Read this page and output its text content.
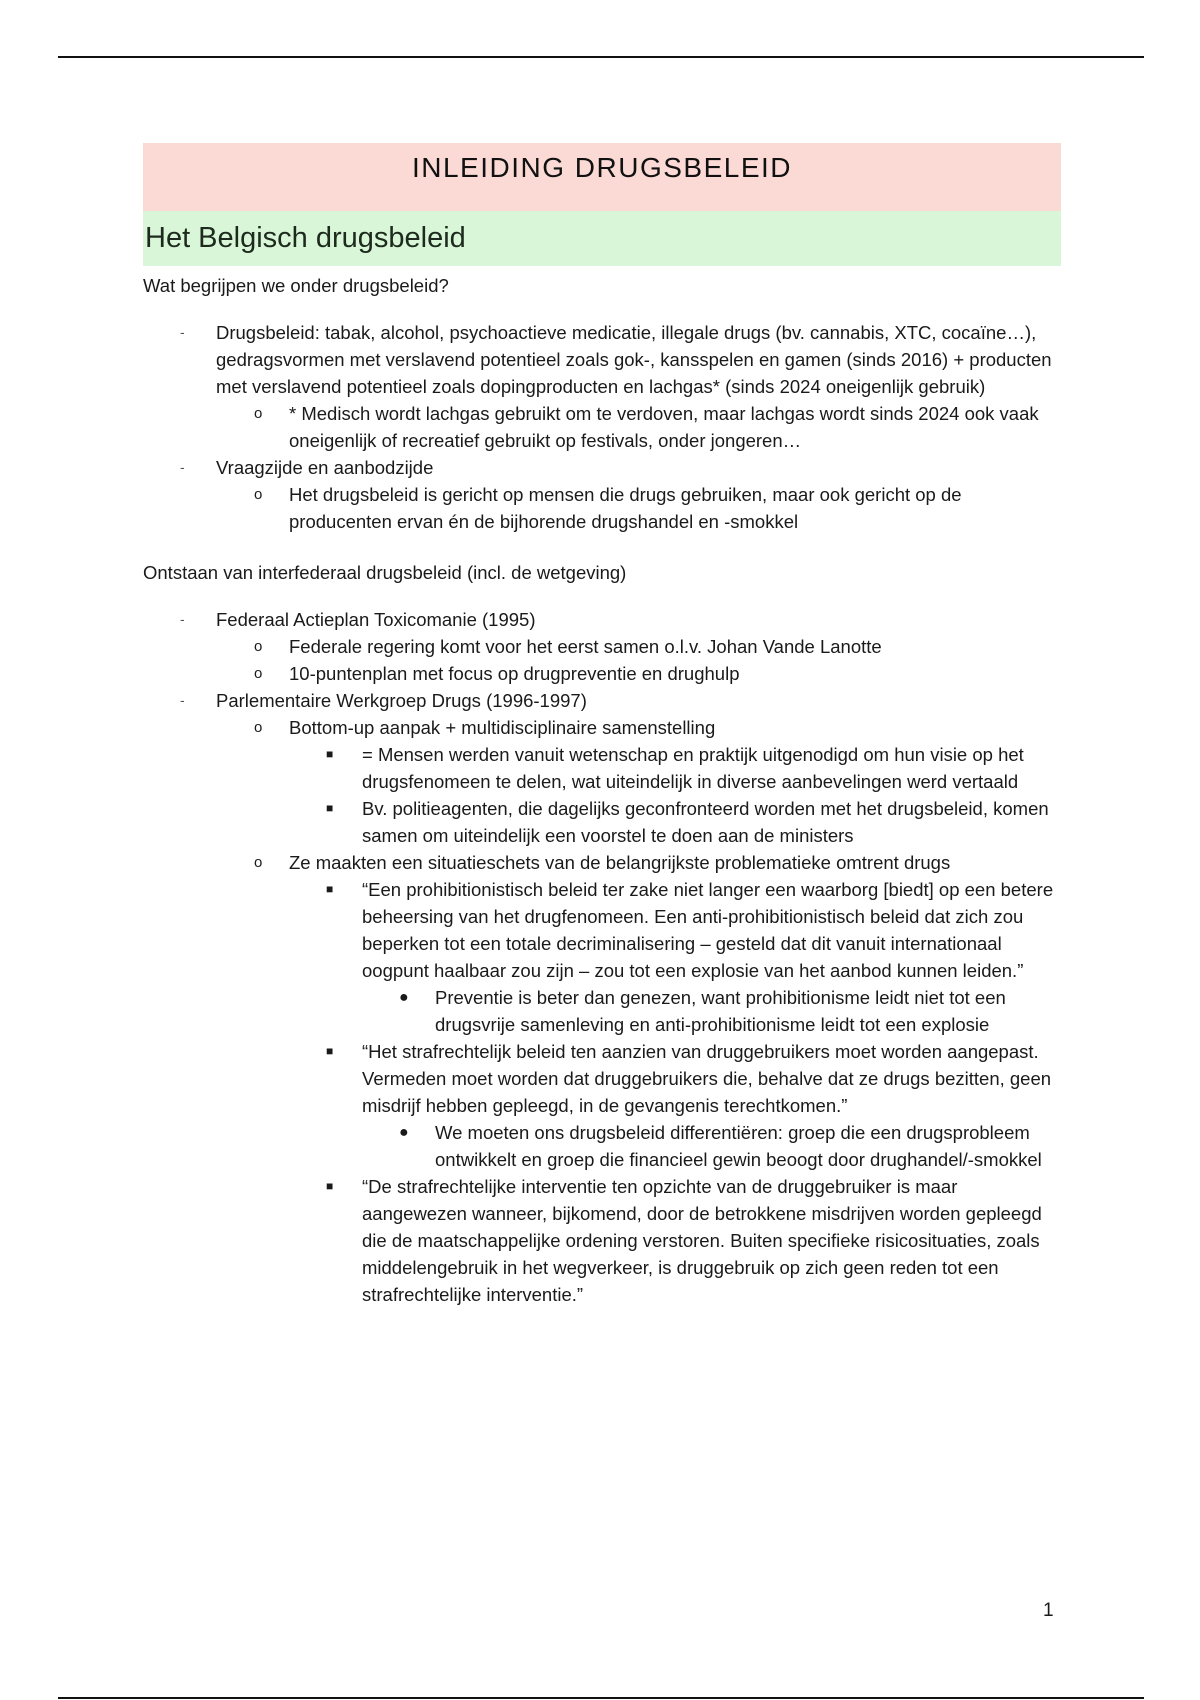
INLEIDING DRUGSBELEID
Het Belgisch drugsbeleid
Wat begrijpen we onder drugsbeleid?
- Drugsbeleid: tabak, alcohol, psychoactieve medicatie, illegale drugs (bv. cannabis, XTC, cocaïne…), gedragsvormen met verslavend potentieel zoals gok-, kansspelen en gamen (sinds 2016) + producten met verslavend potentieel zoals dopingproducten en lachgas* (sinds 2024 oneigenlijk gebruik)
o * Medisch wordt lachgas gebruikt om te verdoven, maar lachgas wordt sinds 2024 ook vaak oneigenlijk of recreatief gebruikt op festivals, onder jongeren…
- Vraagzijde en aanbodzijde
o Het drugsbeleid is gericht op mensen die drugs gebruiken, maar ook gericht op de producenten ervan én de bijhorende drugshandel en -smokkel
Ontstaan van interfederaal drugsbeleid (incl. de wetgeving)
- Federaal Actieplan Toxicomanie (1995)
o Federale regering komt voor het eerst samen o.l.v. Johan Vande Lanotte
o 10-puntenplan met focus op drugpreventie en drughulp
- Parlementaire Werkgroep Drugs (1996-1997)
o Bottom-up aanpak + multidisciplinaire samenstelling
■ = Mensen werden vanuit wetenschap en praktijk uitgenodigd om hun visie op het drugsfenomeen te delen, wat uiteindelijk in diverse aanbevelingen werd vertaald
■ Bv. politieagenten, die dagelijks geconfronteerd worden met het drugsbeleid, komen samen om uiteindelijk een voorstel te doen aan de ministers
o Ze maakten een situatieschets van de belangrijkste problematieke omtrent drugs
■ “Een prohibitionistisch beleid ter zake niet langer een waarborg [biedt] op een betere beheersing van het drugfenomeen. Een anti-prohibitionistisch beleid dat zich zou beperken tot een totale decriminalisering – gesteld dat dit vanuit internationaal oogpunt haalbaar zou zijn – zou tot een explosie van het aanbod kunnen leiden.”
● Preventie is beter dan genezen, want prohibitionisme leidt niet tot een drugsvrije samenleving en anti-prohibitionisme leidt tot een explosie
■ “Het strafrechtelijk beleid ten aanzien van druggebruikers moet worden aangepast. Vermeden moet worden dat druggebruikers die, behalve dat ze drugs bezitten, geen misdrijf hebben gepleegd, in de gevangenis terechtkomen.”
● We moeten ons drugsbeleid differentiëren: groep die een drugsprobleem ontwikkelt en groep die financieel gewin beoogt door drughandel/-smokkel
■ “De strafrechtelijke interventie ten opzichte van de druggebruiker is maar aangewezen wanneer, bijkomend, door de betrokkene misdrijven worden gepleegd die de maatschappelijke ordening verstoren. Buiten specifieke risicosituaties, zoals middelengebruik in het wegverkeer, is druggebruik op zich geen reden tot een strafrechtelijke interventie.”
1
